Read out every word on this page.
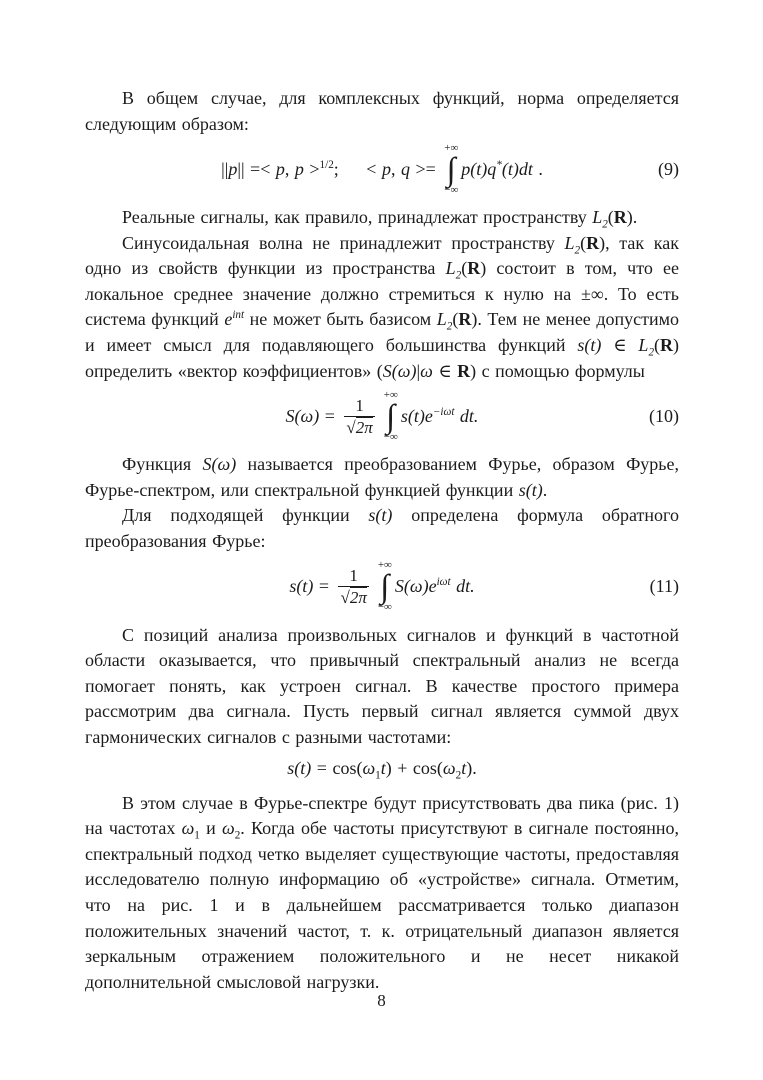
В общем случае, для комплексных функций, норма определяется следующим образом:

||p|| =< p, p >$^{1/2}$;     < p, q >=
+∞
∫
−∞
p(t)q*(t)dt .	(9)

Реальные сигналы, как правило, принадлежат пространству $L_2(R)$.

Синусоидальная волна не принадлежит пространству $L_2(R)$, так как одно из свойств функции из пространства $L_2(R)$ состоит в том, что ее локальное среднее значение должно стремиться к нулю на ±∞. То есть система функций $e^{int}$ не может быть базисом $L_2(R)$. Тем не менее допустимо и имеет смысл для подавляющего большинства функций s(t) ∈ $L_2(R)$ определить «вектор коэффициентов» (S(ω)|ω ∈ R) с помощью формулы

$S(\omega) = \frac{1}{√2\pi}$
+∞
∫
−∞
$s(t)e^{-i\omega t}$ dt.	(10)

Функция S(ω) называется преобразованием Фурье, образом Фурье, Фурье-спектром, или спектральной функцией функции s(t).

Для подходящей функции s(t) определена формула обратного преобразования Фурье:

$s(t) = \frac{1}{√2\pi}$
+∞
∫
−∞
$S(\omega)e^{i\omega t}$ dt.	(11)

С позиций анализа произвольных сигналов и функций в частотной области оказывается, что привычный спектральный анализ не всегда помогает понять, как устроен сигнал. В качестве простого примера рассмотрим два сигнала. Пусть первый сигнал является суммой двух гармонических сигналов с разными частотами:

$s(t) = \cos(\omega_1t) + \cos(\omega_2t)$.

В этом случае в Фурье-спектре будут присутствовать два пика (рис. 1) на частотах $\omega_1$ и $\omega_2$. Когда обе частоты присутствуют в сигнале постоянно, спектральный подход четко выделяет существующие частоты, предоставляя исследователю полную информацию об «устройстве» сигнала. Отметим, что на рис. 1 и в дальнейшем рассматривается только диапазон положительных значений частот, т. к. отрицательный диапазон является зеркальным отражением положительного и не несет никакой дополнительной смысловой нагрузки.

8
